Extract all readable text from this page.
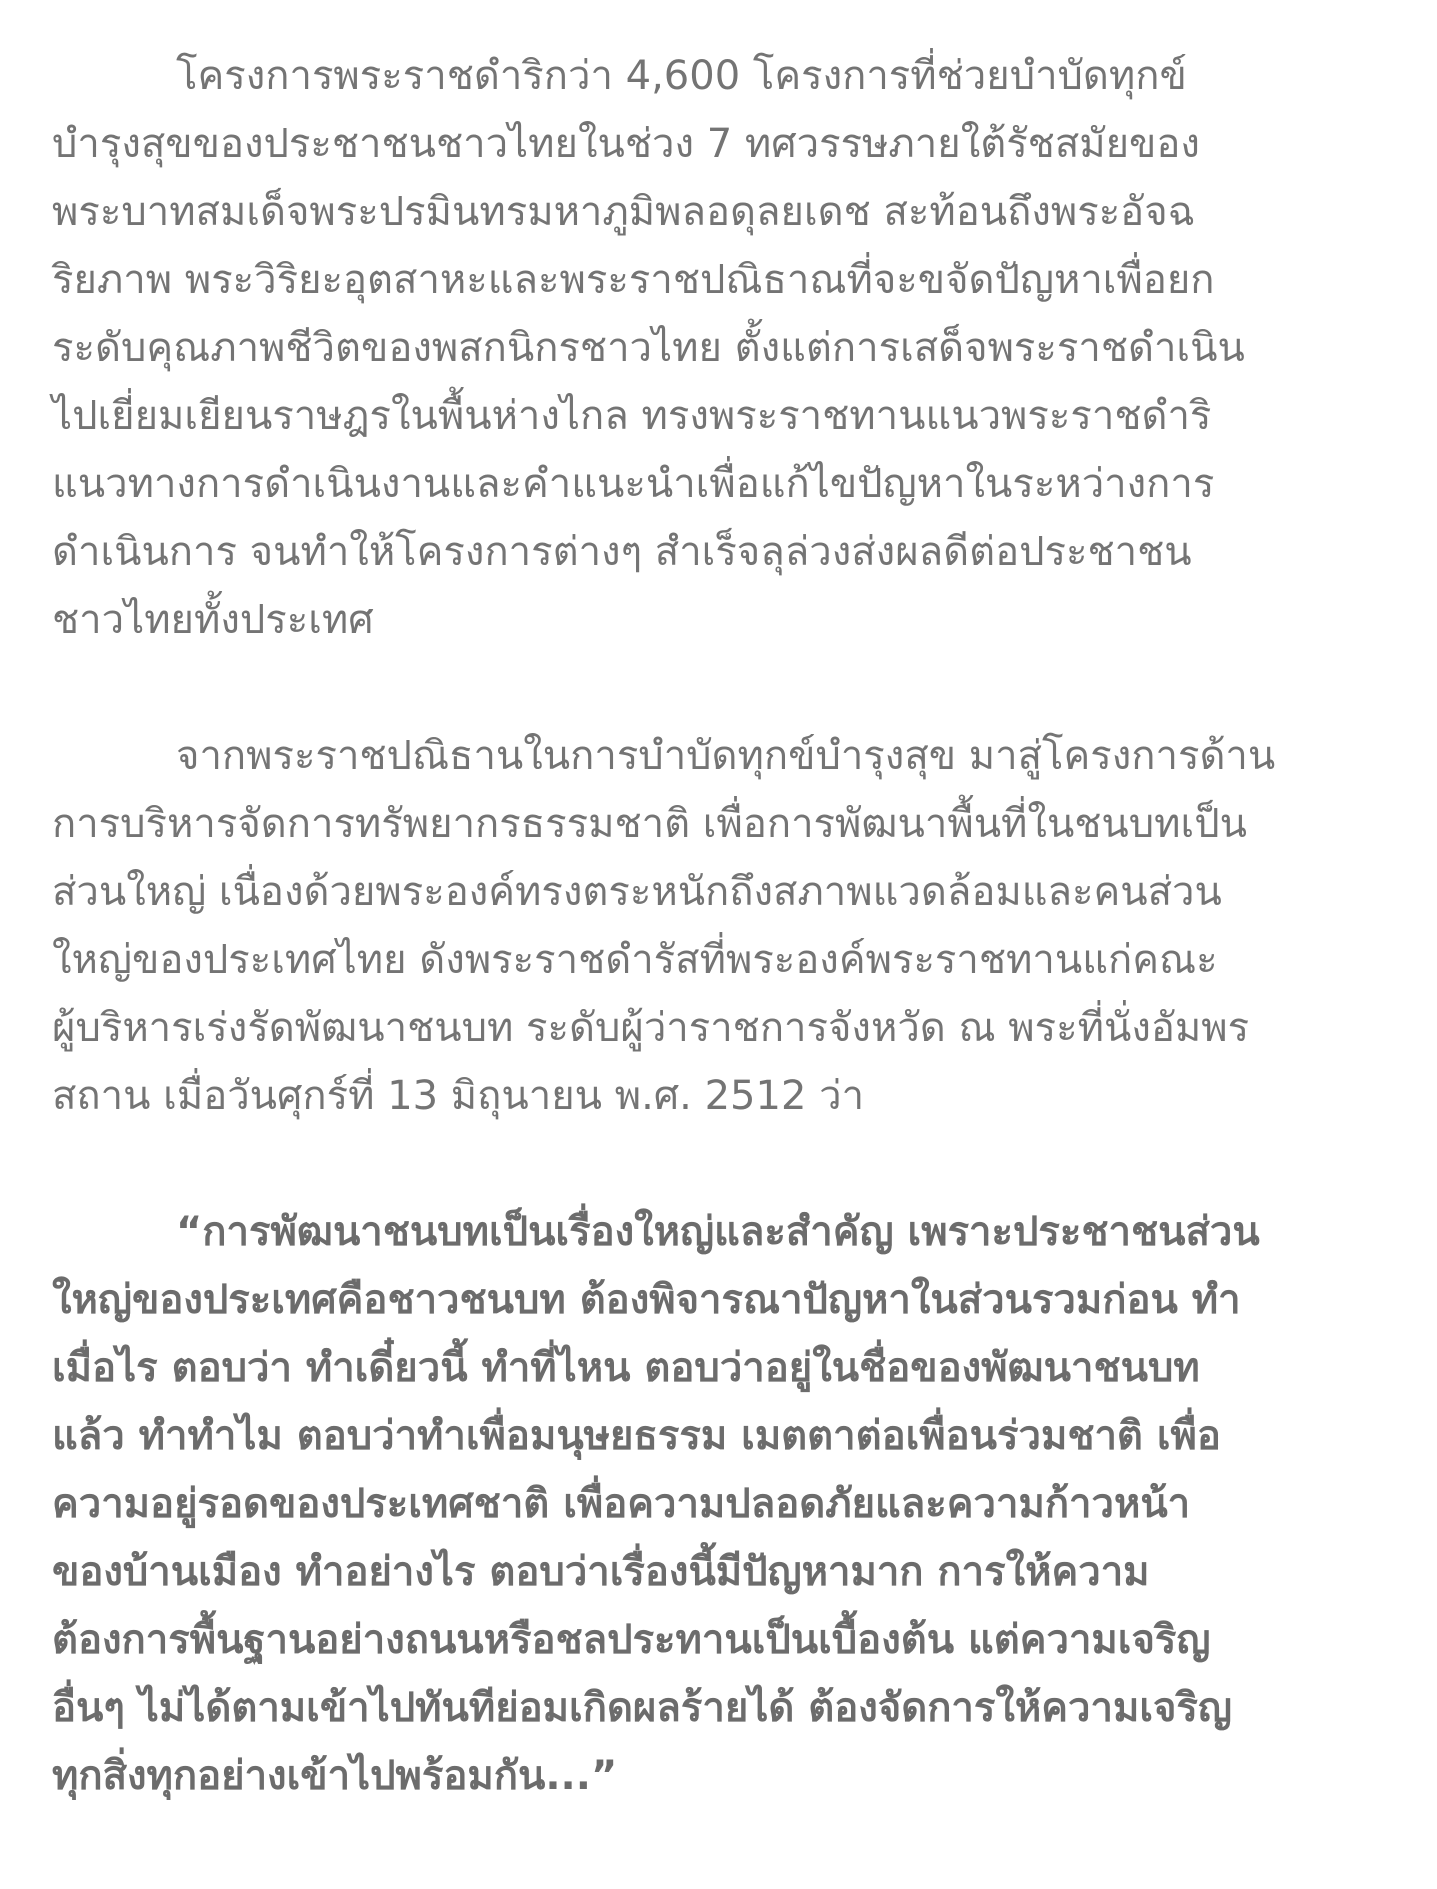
โครงการพระราชดำริกว่า 4,600 โครงการที่ช่วยบำบัดทุกข์
บำรุงสุขของประชาชนชาวไทยในช่วง 7 ทศวรรษภายใต้รัชสมัยของ
พระบาทสมเด็จพระปรมินทรมหาภูมิพลอดุลยเดช สะท้อนถึงพระอัจฉ
ริยภาพ พระวิริยะอุตสาหะและพระราชปณิธาณที่จะขจัดปัญหาเพื่อยก
ระดับคุณภาพชีวิตของพสกนิกรชาวไทย ตั้งแต่การเสด็จพระราชดำเนิน
ไปเยี่ยมเยียนราษฎรในพื้นห่างไกล ทรงพระราชทานแนวพระราชดำริ
แนวทางการดำเนินงานและคำแนะนำเพื่อแก้ไขปัญหาในระหว่างการ
ดำเนินการ จนทำให้โครงการต่างๆ สำเร็จลุล่วงส่งผลดีต่อประชาชน
ชาวไทยทั้งประเทศ
จากพระราชปณิธานในการบำบัดทุกข์บำรุงสุข มาสู่โครงการด้าน
การบริหารจัดการทรัพยากรธรรมชาติ เพื่อการพัฒนาพื้นที่ในชนบทเป็น
ส่วนใหญ่ เนื่องด้วยพระองค์ทรงตระหนักถึงสภาพแวดล้อมและคนส่วน
ใหญ่ของประเทศไทย ดังพระราชดำรัสที่พระองค์พระราชทานแก่คณะ
ผู้บริหารเร่งรัดพัฒนาชนบท ระดับผู้ว่าราชการจังหวัด ณ พระที่นั่งอัมพร
สถาน เมื่อวันศุกร์ที่ 13 มิถุนายน พ.ศ. 2512 ว่า
“การพัฒนาชนบทเป็นเรื่องใหญ่และสำคัญ เพราะประชาชนส่วน
ใหญ่ของประเทศคือชาวชนบท ต้องพิจารณาปัญหาในส่วนรวมก่อน ทำ
เมื่อไร ตอบว่า ทำเดี๋ยวนี้ ทำที่ไหน ตอบว่าอยู่ในชื่อของพัฒนาชนบท
แล้ว ทำทำไม ตอบว่าทำเพื่อมนุษยธรรม เมตตาต่อเพื่อนร่วมชาติ เพื่อ
ความอยู่รอดของประเทศชาติ เพื่อความปลอดภัยและความก้าวหน้า
ของบ้านเมือง ทำอย่างไร ตอบว่าเรื่องนี้มีปัญหามาก การให้ความ
ต้องการพื้นฐานอย่างถนนหรือชลประทานเป็นเบื้องต้น แต่ความเจริญ
อื่นๆ ไม่ได้ตามเข้าไปทันทีย่อมเกิดผลร้ายได้ ต้องจัดการให้ความเจริญ
ทุกสิ่งทุกอย่างเข้าไปพร้อมกัน...”
